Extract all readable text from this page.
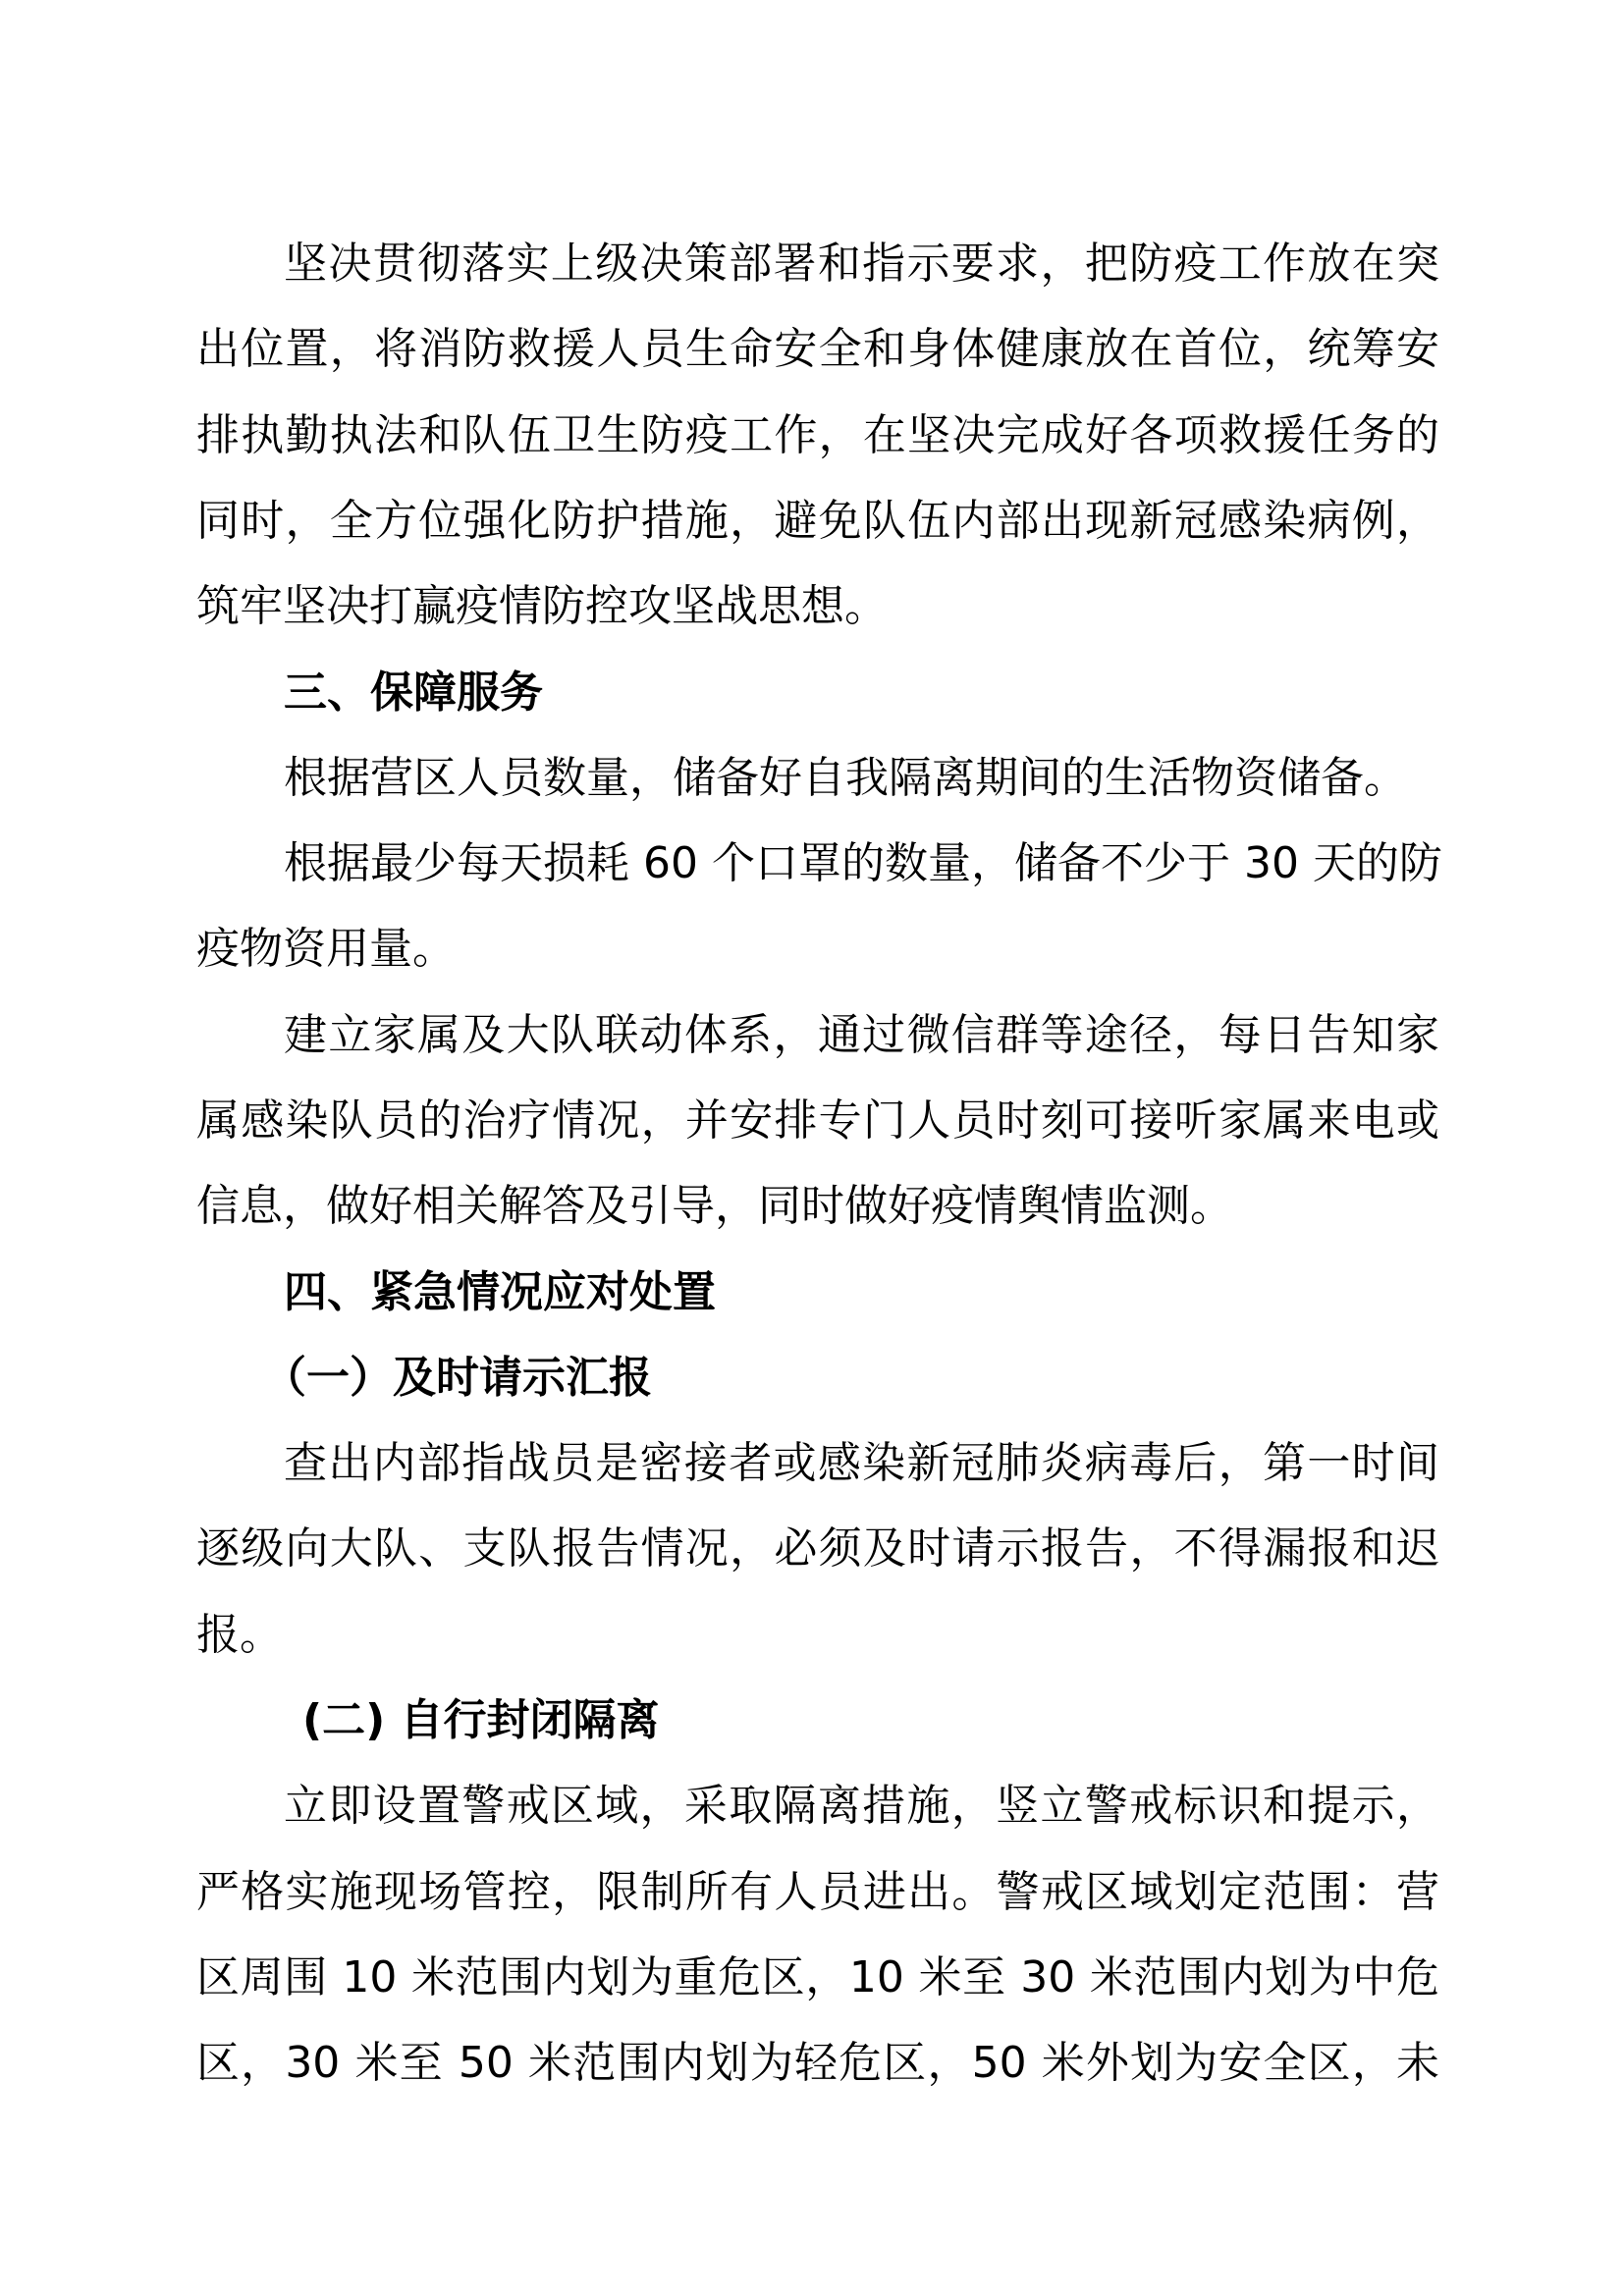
坚决贯彻落实上级决策部署和指示要求，把防疫工作放在突
出位置，将消防救援人员生命安全和身体健康放在首位，统筹安
排执勤执法和队伍卫生防疫工作，在坚决完成好各项救援任务的
同时，全方位强化防护措施，避免队伍内部出现新冠感染病例，
筑牢坚决打赢疫情防控攻坚战思想。
三、保障服务
根据营区人员数量，储备好自我隔离期间的生活物资储备。
根据最少每天损耗 60 个口罩的数量，储备不少于 30 天的防
疫物资用量。
建立家属及大队联动体系，通过微信群等途径，每日告知家
属感染队员的治疗情况，并安排专门人员时刻可接听家属来电或
信息，做好相关解答及引导，同时做好疫情舆情监测。
四、紧急情况应对处置
（一）及时请示汇报
查出内部指战员是密接者或感染新冠肺炎病毒后，第一时间
逐级向大队、支队报告情况，必须及时请示报告，不得漏报和迟
报。
(二) 自行封闭隔离
立即设置警戒区域，采取隔离措施，竖立警戒标识和提示，
严格实施现场管控，限制所有人员进出。警戒区域划定范围：营
区周围 10 米范围内划为重危区，10 米至 30 米范围内划为中危
区，30 米至 50 米范围内划为轻危区，50 米外划为安全区，未
